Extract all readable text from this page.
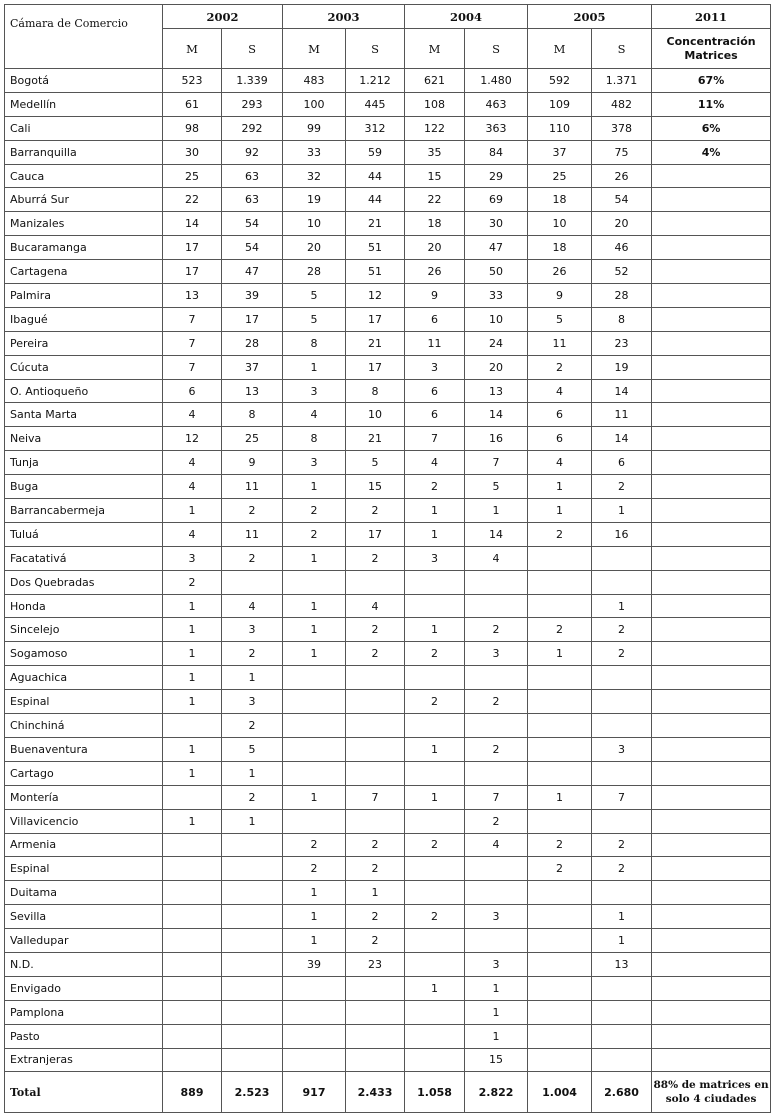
Cámara de Comercio	2002		2003		2004		2005		2011
	M	S	M	S	M	S	M	S	Concentración Matrices
Bogotá	523	1.339	483	1.212	621	1.480	592	1.371	67%
Medellín	61	293	100	445	108	463	109	482	11%
Cali	98	292	99	312	122	363	110	378	6%
Barranquilla	30	92	33	59	35	84	37	75	4%
Cauca	25	63	32	44	15	29	25	26	
Aburrá Sur	22	63	19	44	22	69	18	54	
Manizales	14	54	10	21	18	30	10	20	
Bucaramanga	17	54	20	51	20	47	18	46	
Cartagena	17	47	28	51	26	50	26	52	
Palmira	13	39	5	12	9	33	9	28	
Ibagué	7	17	5	17	6	10	5	8	
Pereira	7	28	8	21	11	24	11	23	
Cúcuta	7	37	1	17	3	20	2	19	
O. Antioqueño	6	13	3	8	6	13	4	14	
Santa Marta	4	8	4	10	6	14	6	11	
Neiva	12	25	8	21	7	16	6	14	
Tunja	4	9	3	5	4	7	4	6	
Buga	4	11	1	15	2	5	1	2	
Barrancabermeja	1	2	2	2	1	1	1	1	
Tuluá	4	11	2	17	1	14	2	16	
Facatativá	3	2	1	2	3	4			
Dos Quebradas	2								
Honda	1	4	1	4				1	
Sincelejo	1	3	1	2	1	2	2	2	
Sogamoso	1	2	1	2	2	3	1	2	
Aguachica	1	1							
Espinal	1	3			2	2			
Chinchiná		2							
Buenaventura	1	5			1	2		3	
Cartago	1	1							
Montería		2	1	7	1	7	1	7	
Villavicencio	1	1				2			
Armenia			2	2	2	4	2	2	
Espinal			2	2			2	2	
Duitama			1	1					
Sevilla			1	2	2	3		1	
Valledupar			1	2				1	
N.D.			39	23		3		13	
Envigado					1	1			
Pamplona						1			
Pasto						1			
Extranjeras						15			
Total	889	2.523	917	2.433	1.058	2.822	1.004	2.680	88% de matrices en solo 4 ciudades
